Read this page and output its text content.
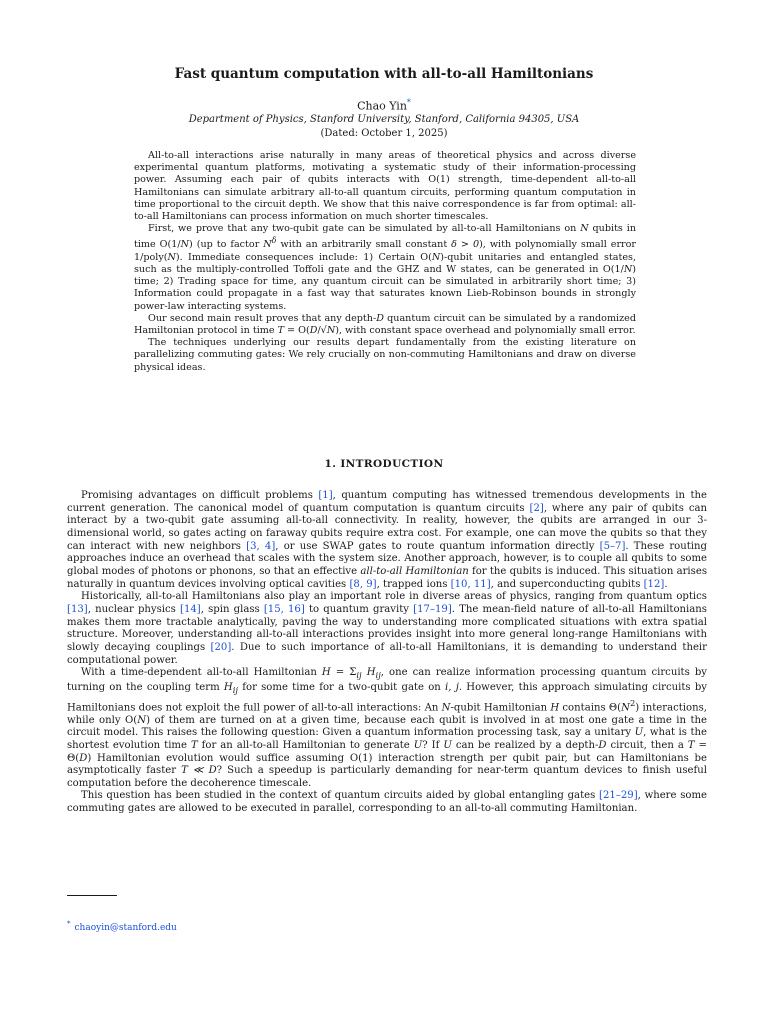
Fast quantum computation with all-to-all Hamiltonians
Chao Yin*
Department of Physics, Stanford University, Stanford, California 94305, USA
(Dated: October 1, 2025)

All-to-all interactions arise naturally in many areas of theoretical physics and across diverse experimental quantum platforms, motivating a systematic study of their information-processing power. Assuming each pair of qubits interacts with O(1) strength, time-dependent all-to-all Hamiltonians can simulate arbitrary all-to-all quantum circuits, performing quantum computation in time proportional to the circuit depth. We show that this naive correspondence is far from optimal: all-to-all Hamiltonians can process information on much shorter timescales.

First, we prove that any two-qubit gate can be simulated by all-to-all Hamiltonians on N qubits in time O(1/N) (up to factor $N^\delta$ with an arbitrarily small constant δ > 0), with polynomially small error 1/poly(N). Immediate consequences include: 1) Certain O(N)-qubit unitaries and entangled states, such as the multiply-controlled Toffoli gate and the GHZ and W states, can be generated in O(1/N) time; 2) Trading space for time, any quantum circuit can be simulated in arbitrarily short time; 3) Information could propagate in a fast way that saturates known Lieb-Robinson bounds in strongly power-law interacting systems.

Our second main result proves that any depth-D quantum circuit can be simulated by a randomized Hamiltonian protocol in time T = O(D/√N), with constant space overhead and polynomially small error.

The techniques underlying our results depart fundamentally from the existing literature on parallelizing commuting gates: We rely crucially on non-commuting Hamiltonians and draw on diverse physical ideas.

1. INTRODUCTION

Promising advantages on difficult problems [1], quantum computing has witnessed tremendous developments in the current generation. The canonical model of quantum computation is quantum circuits [2], where any pair of qubits can interact by a two-qubit gate assuming all-to-all connectivity. In reality, however, the qubits are arranged in our 3-dimensional world, so gates acting on faraway qubits require extra cost. For example, one can move the qubits so that they can interact with new neighbors [3, 4], or use SWAP gates to route quantum information directly [5–7]. These routing approaches induce an overhead that scales with the system size. Another approach, however, is to couple all qubits to some global modes of photons or phonons, so that an effective all-to-all Hamiltonian for the qubits is induced. This situation arises naturally in quantum devices involving optical cavities [8, 9], trapped ions [10, 11], and superconducting qubits [12].

Historically, all-to-all Hamiltonians also play an important role in diverse areas of physics, ranging from quantum optics [13], nuclear physics [14], spin glass [15, 16] to quantum gravity [17–19]. The mean-field nature of all-to-all Hamiltonians makes them more tractable analytically, paving the way to understanding more complicated situations with extra spatial structure. Moreover, understanding all-to-all interactions provides insight into more general long-range Hamiltonians with slowly decaying couplings [20]. Due to such importance of all-to-all Hamiltonians, it is demanding to understand their computational power.

With a time-dependent all-to-all Hamiltonian $H = \Sigma_{ij}$ $H_{ij}$, one can realize information processing quantum circuits by turning on the coupling term $H_{ij}$ for some time for a two-qubit gate on i, j. However, this approach simulating circuits by Hamiltonians does not exploit the full power of all-to-all interactions: An N-qubit Hamiltonian H contains $\Theta(N^2)$ interactions, while only O(N) of them are turned on at a given time, because each qubit is involved in at most one gate a time in the circuit model. This raises the following question: Given a quantum information processing task, say a unitary U, what is the shortest evolution time T for an all-to-all Hamiltonian to generate U? If U can be realized by a depth-D circuit, then a T = Θ(D) Hamiltonian evolution would suffice assuming O(1) interaction strength per qubit pair, but can Hamiltonians be asymptotically faster T ≪ D? Such a speedup is particularly demanding for near-term quantum devices to finish useful computation before the decoherence timescale.

This question has been studied in the context of quantum circuits aided by global entangling gates [21–29], where some commuting gates are allowed to be executed in parallel, corresponding to an all-to-all commuting Hamiltonian.

* chaoyin@stanford.edu
